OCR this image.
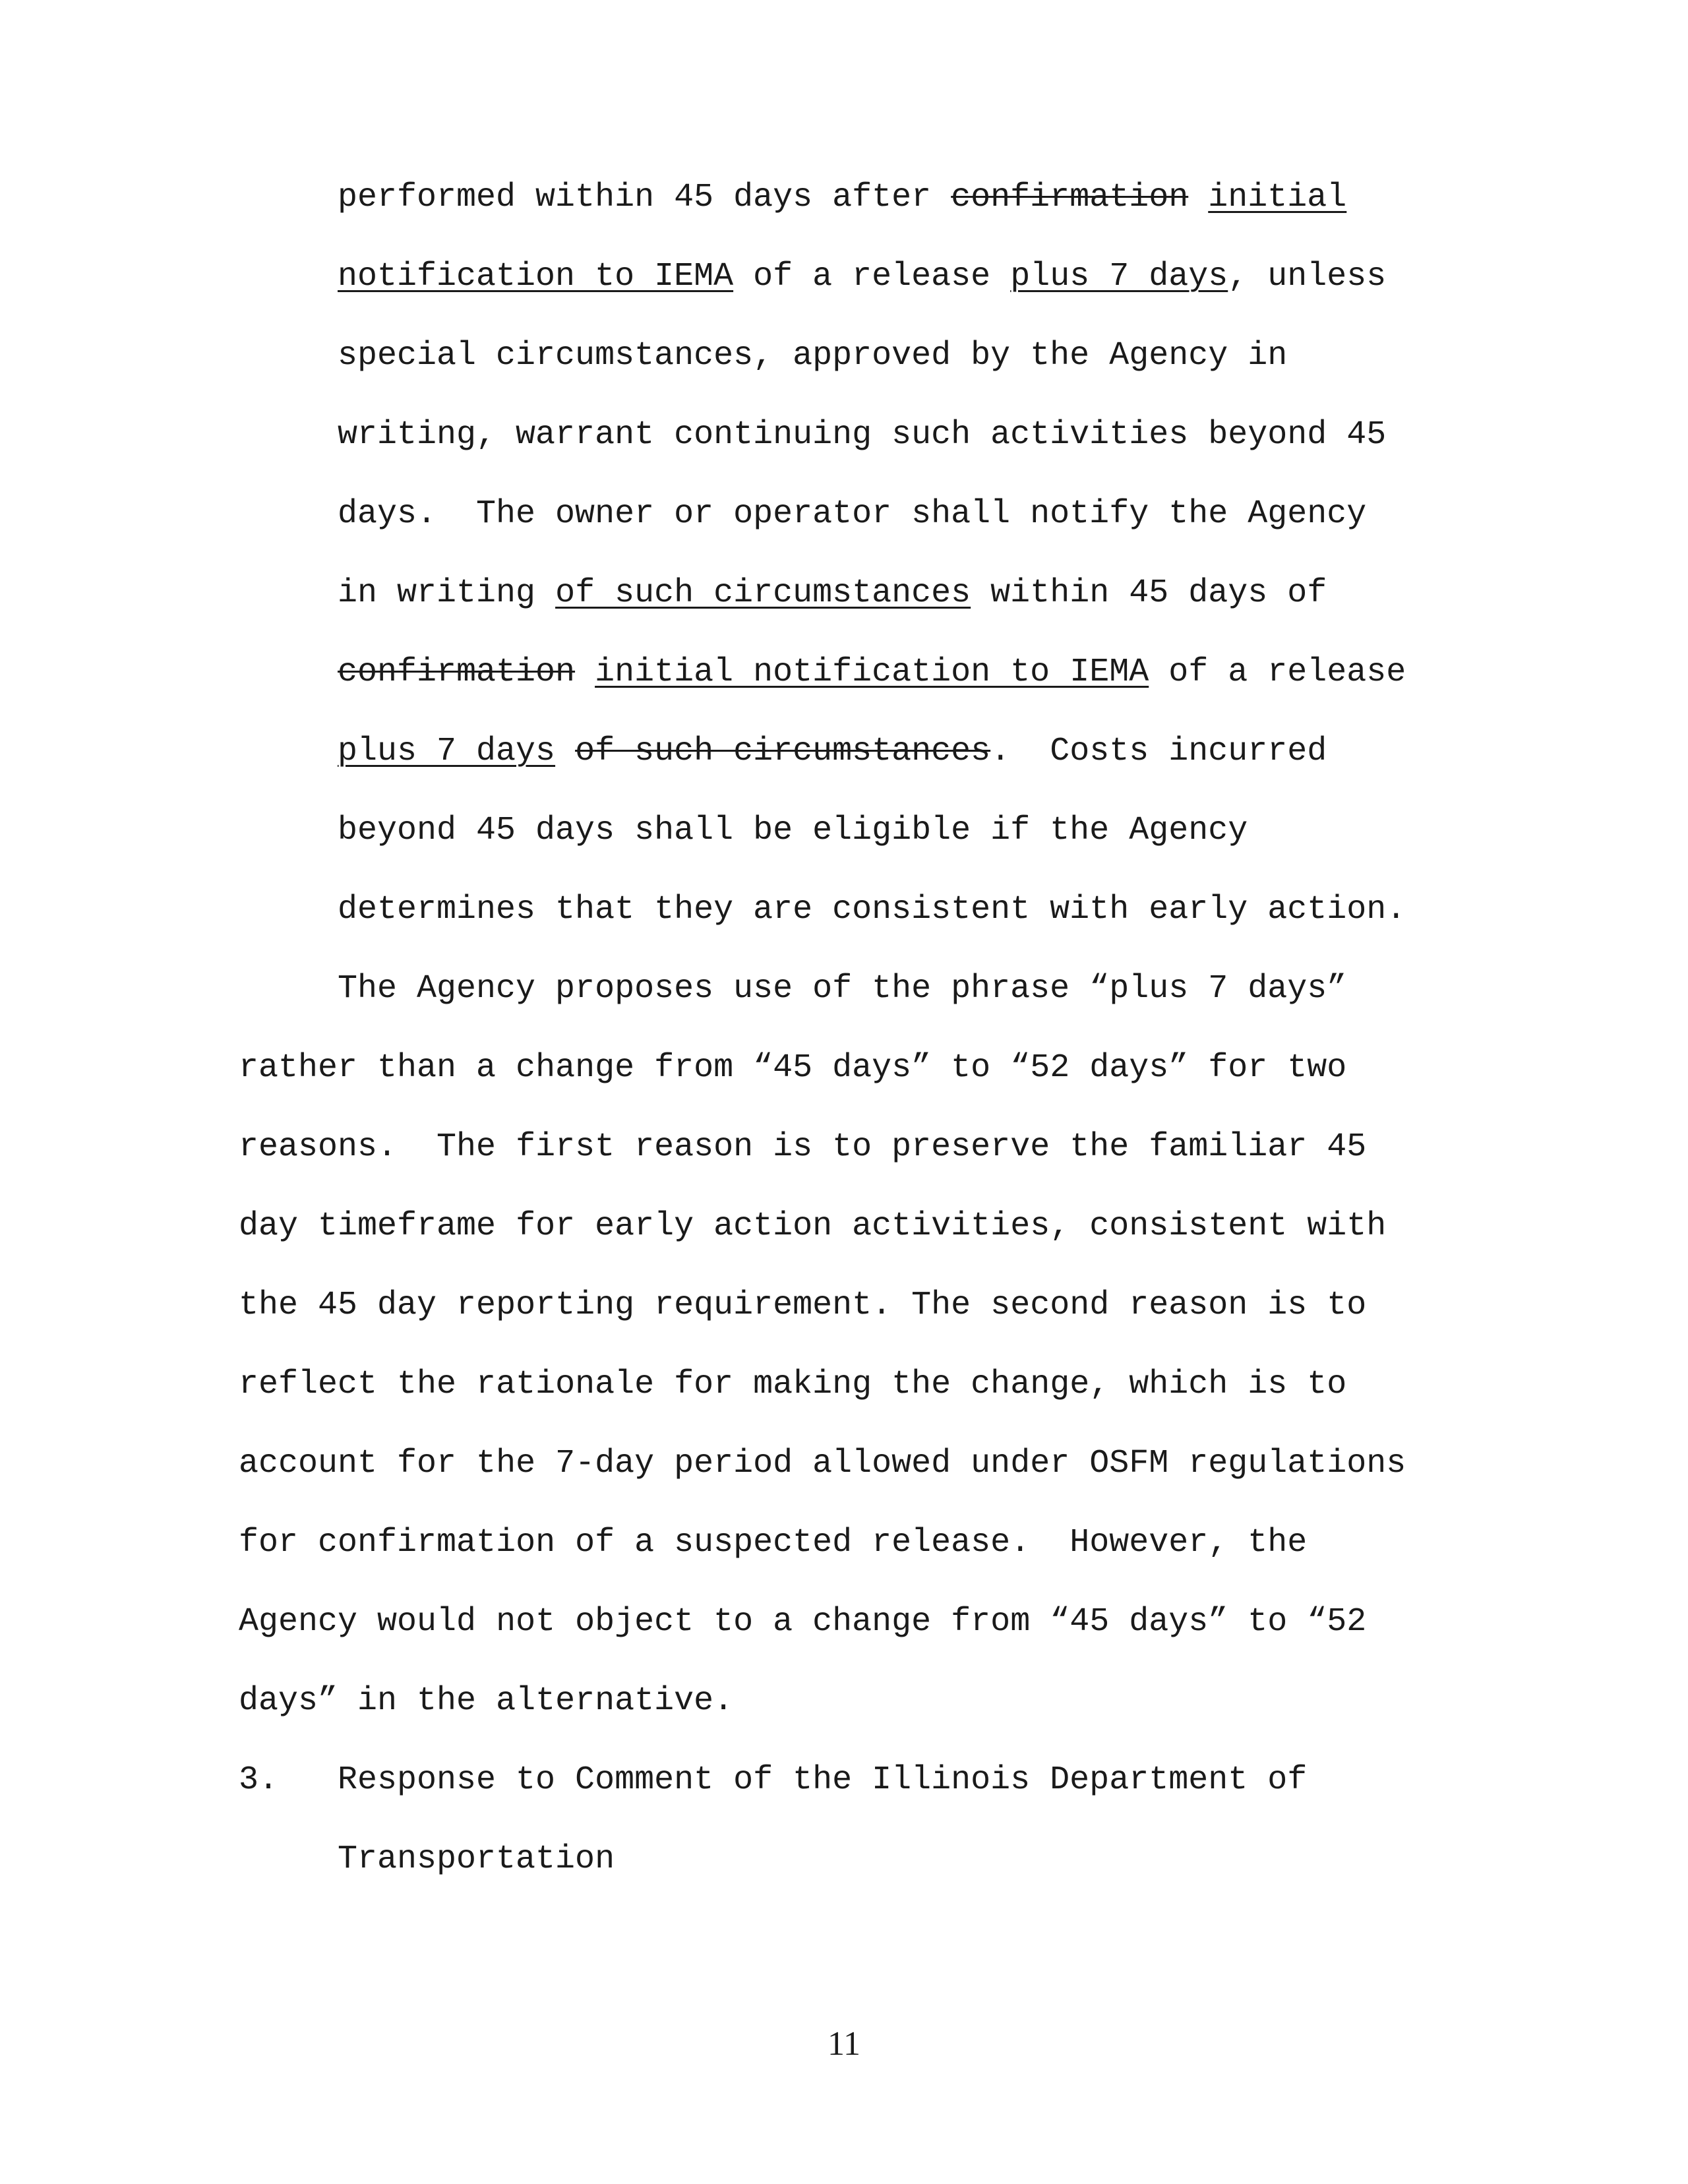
performed within 45 days after confirmation initial
notification to IEMA of a release plus 7 days, unless
special circumstances, approved by the Agency in
writing, warrant continuing such activities beyond 45
days.  The owner or operator shall notify the Agency
in writing of such circumstances within 45 days of
confirmation initial notification to IEMA of a release
plus 7 days of such circumstances.  Costs incurred
beyond 45 days shall be eligible if the Agency
determines that they are consistent with early action.
The Agency proposes use of the phrase “plus 7 days”
rather than a change from “45 days” to “52 days” for two
reasons.  The first reason is to preserve the familiar 45
day timeframe for early action activities, consistent with
the 45 day reporting requirement. The second reason is to
reflect the rationale for making the change, which is to
account for the 7-day period allowed under OSFM regulations
for confirmation of a suspected release.  However, the
Agency would not object to a change from “45 days” to “52
days” in the alternative.
3. Response to Comment of the Illinois Department of
Transportation
11
